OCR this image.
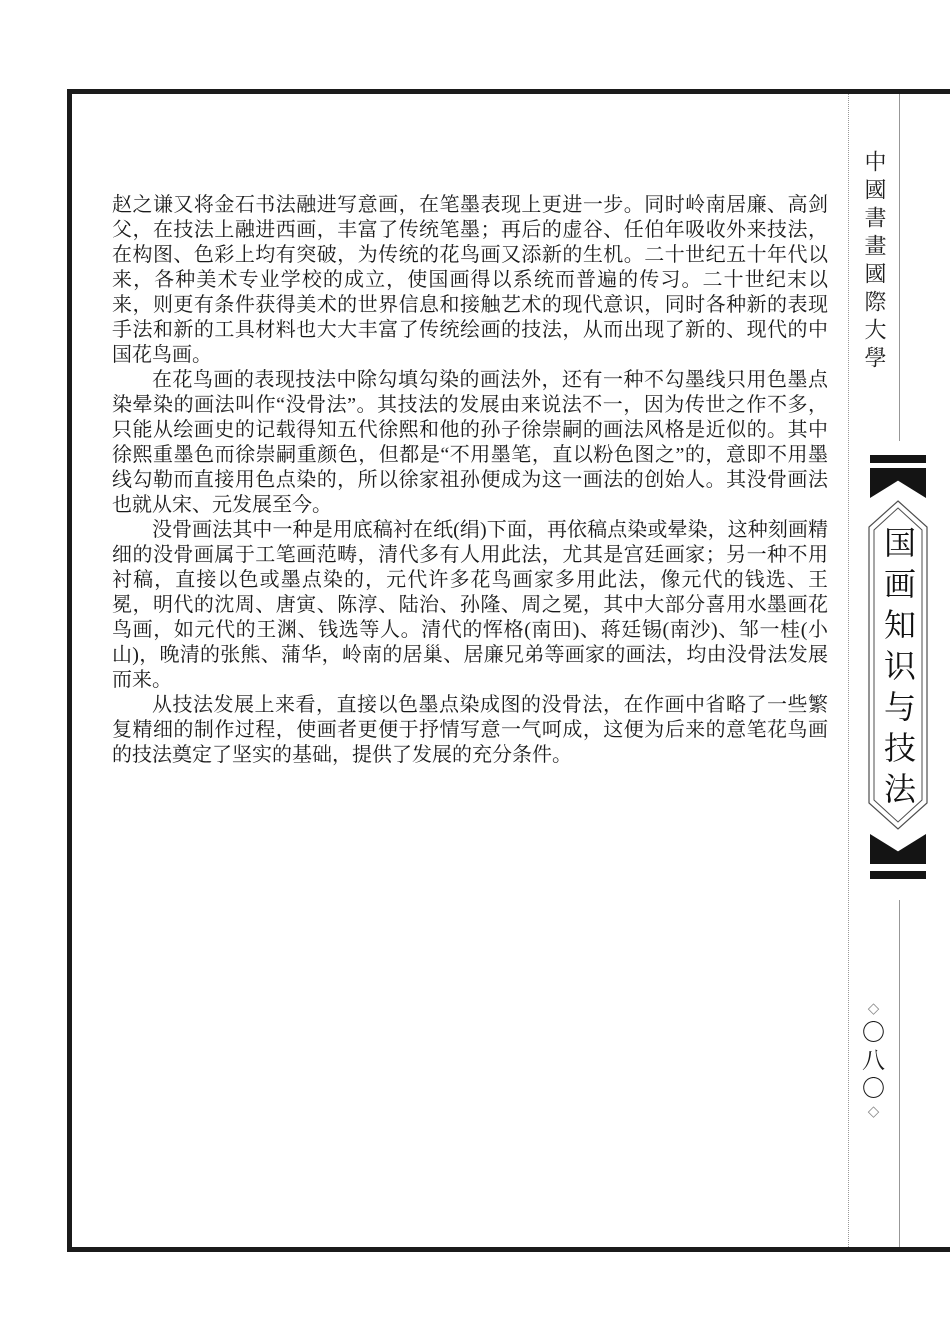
赵之谦又将金石书法融进写意画，在笔墨表现上更进一步。同时岭南居廉、高剑父，在技法上融进西画，丰富了传统笔墨；再后的虚谷、任伯年吸收外来技法，在构图、色彩上均有突破，为传统的花鸟画又添新的生机。二十世纪五十年代以来，各种美术专业学校的成立，使国画得以系统而普遍的传习。二十世纪末以来，则更有条件获得美术的世界信息和接触艺术的现代意识，同时各种新的表现手法和新的工具材料也大大丰富了传统绘画的技法，从而出现了新的、现代的中国花鸟画。

在花鸟画的表现技法中除勾填勾染的画法外，还有一种不勾墨线只用色墨点染晕染的画法叫作“没骨法”。其技法的发展由来说法不一，因为传世之作不多，只能从绘画史的记载得知五代徐熙和他的孙子徐崇嗣的画法风格是近似的。其中徐熙重墨色而徐崇嗣重颜色，但都是“不用墨笔，直以粉色图之”的，意即不用墨线勾勒而直接用色点染的，所以徐家祖孙便成为这一画法的创始人。其没骨画法也就从宋、元发展至今。

没骨画法其中一种是用底稿衬在纸(绢)下面，再依稿点染或晕染，这种刻画精细的没骨画属于工笔画范畴，清代多有人用此法，尤其是宫廷画家；另一种不用衬稿，直接以色或墨点染的，元代许多花鸟画家多用此法，像元代的钱选、王冕，明代的沈周、唐寅、陈淳、陆治、孙隆、周之冕，其中大部分喜用水墨画花鸟画，如元代的王渊、钱选等人。清代的恽格(南田)、蒋廷锡(南沙)、邹一桂(小山)，晚清的张熊、蒲华，岭南的居巢、居廉兄弟等画家的画法，均由没骨法发展而来。

从技法发展上来看，直接以色墨点染成图的没骨法，在作画中省略了一些繁复精细的制作过程，使画者更便于抒情写意一气呵成，这便为后来的意笔花鸟画的技法奠定了坚实的基础，提供了发展的充分条件。

中國書畫國際大學
国画知识与技法
◇
〇
八
〇
◇
